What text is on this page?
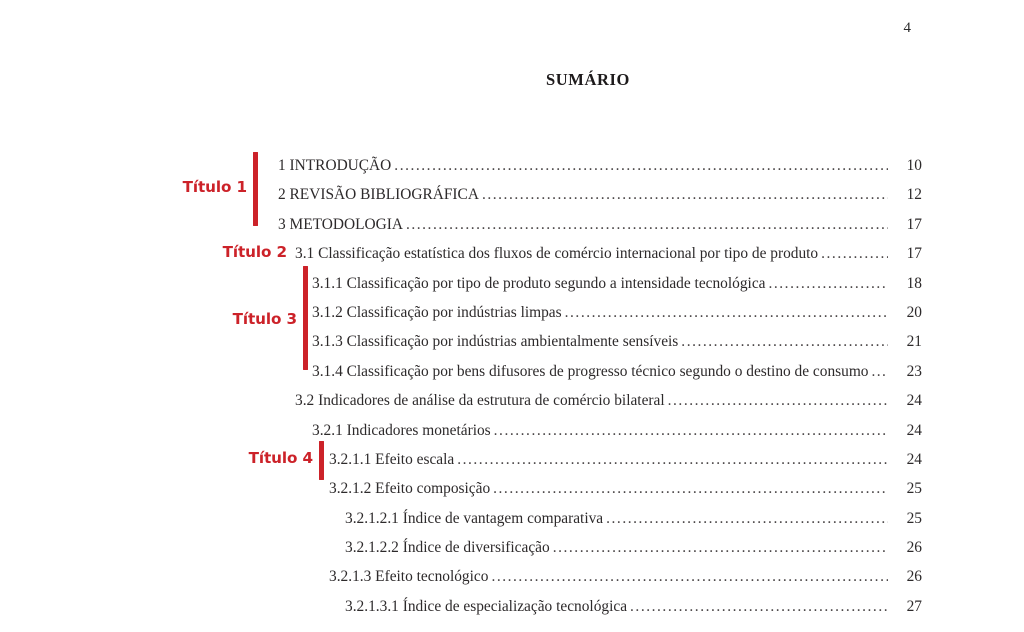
4
SUMÁRIO
1 INTRODUÇÃO .....	10
2 REVISÃO BIBLIOGRÁFICA .....	12
3 METODOLOGIA .....	17
3.1 Classificação estatística dos fluxos de comércio internacional por tipo de produto .....	17
3.1.1 Classificação por tipo de produto segundo a intensidade tecnológica .....	18
3.1.2 Classificação por indústrias limpas .....	20
3.1.3 Classificação por indústrias ambientalmente sensíveis .....	21
3.1.4 Classificação por bens difusores de progresso técnico segundo o destino de consumo .....	23
3.2 Indicadores de análise da estrutura de comércio bilateral .....	24
3.2.1 Indicadores monetários .....	24
3.2.1.1 Efeito escala .....	24
3.2.1.2 Efeito composição .....	25
3.2.1.2.1 Índice de vantagem comparativa .....	25
3.2.1.2.2 Índice de diversificação .....	26
3.2.1.3 Efeito tecnológico .....	26
3.2.1.3.1 Índice de especialização tecnológica .....	27
Título 1
Título 2
Título 3
Título 4
